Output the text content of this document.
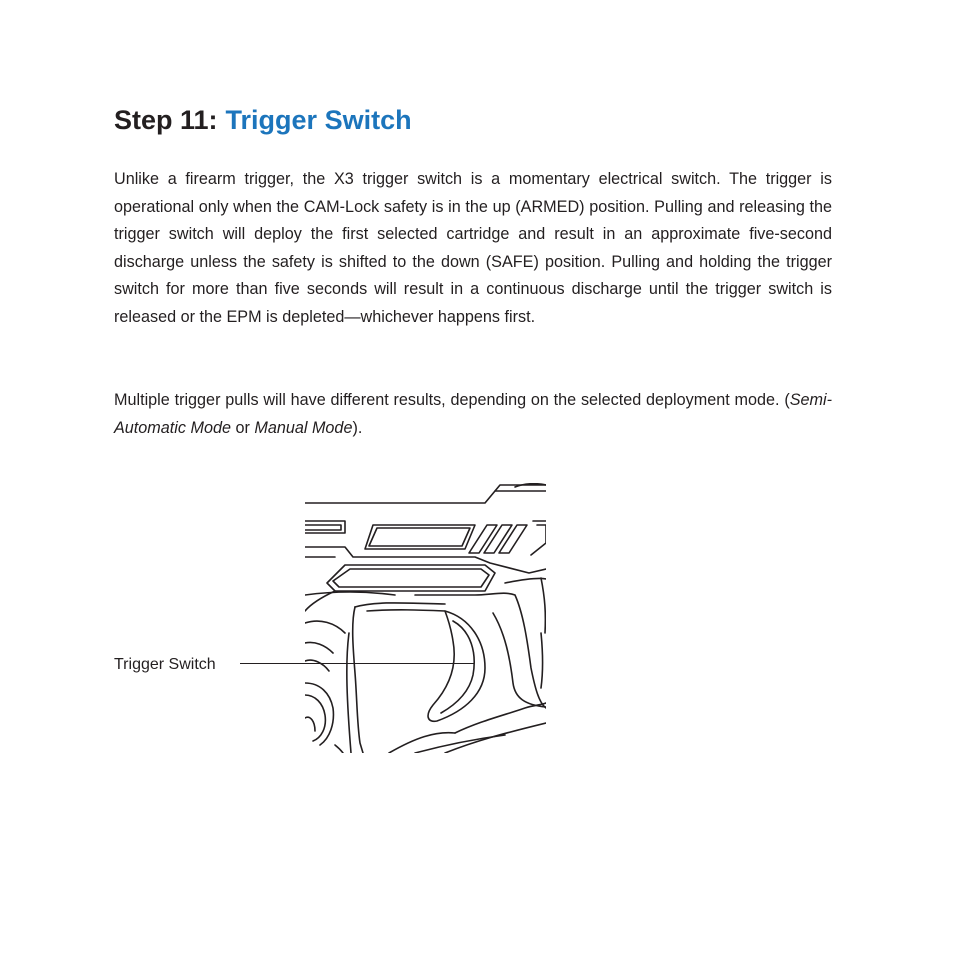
Step 11: Trigger Switch

Unlike a firearm trigger, the X3 trigger switch is a momentary electrical switch. The trigger is operational only when the CAM-Lock safety is in the up (ARMED) position. Pulling and releasing the trigger switch will deploy the first selected cartridge and result in an approximate five-second discharge unless the safety is shifted to the down (SAFE) position. Pulling and holding the trigger switch for more than five seconds will result in a continuous discharge until the trigger switch is released or the EPM is depleted—whichever happens first.

Multiple trigger pulls will have different results, depending on the selected deployment mode. (Semi-Automatic Mode or Manual Mode).

Trigger Switch
